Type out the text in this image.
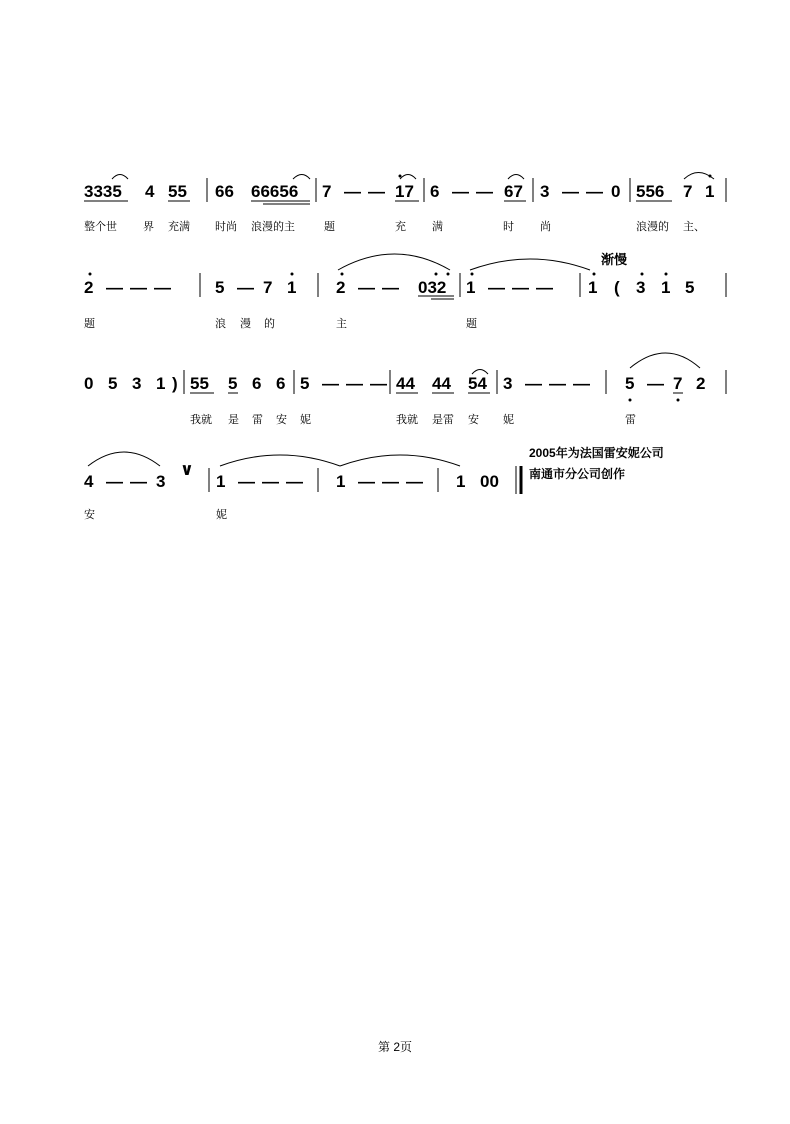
3335 4 55 66 66656 7 — — 17 6 — — 67 3 — — 0 556 7 1
整个世 界 充满 时尚 浪漫的主	题	充 满	时 尚	浪漫的 主、
2 — — —	5 — 7 1 2 — — 032 1 — — — 1 ( 3 1 5
题	浪 漫 的	主	题
渐慢
0 5 3 1 ) 55 5 6 6 5 — — — 44 44 54 3 — — — 5 — 7 2
我就 是 雷 安 妮	我就 是雷 安 妮	雷
4 — — 3
∨
1 — — — 1 — — — 1 00
安	妮
2005年为法国雷安妮公司
南通市分公司创作
第 2页
